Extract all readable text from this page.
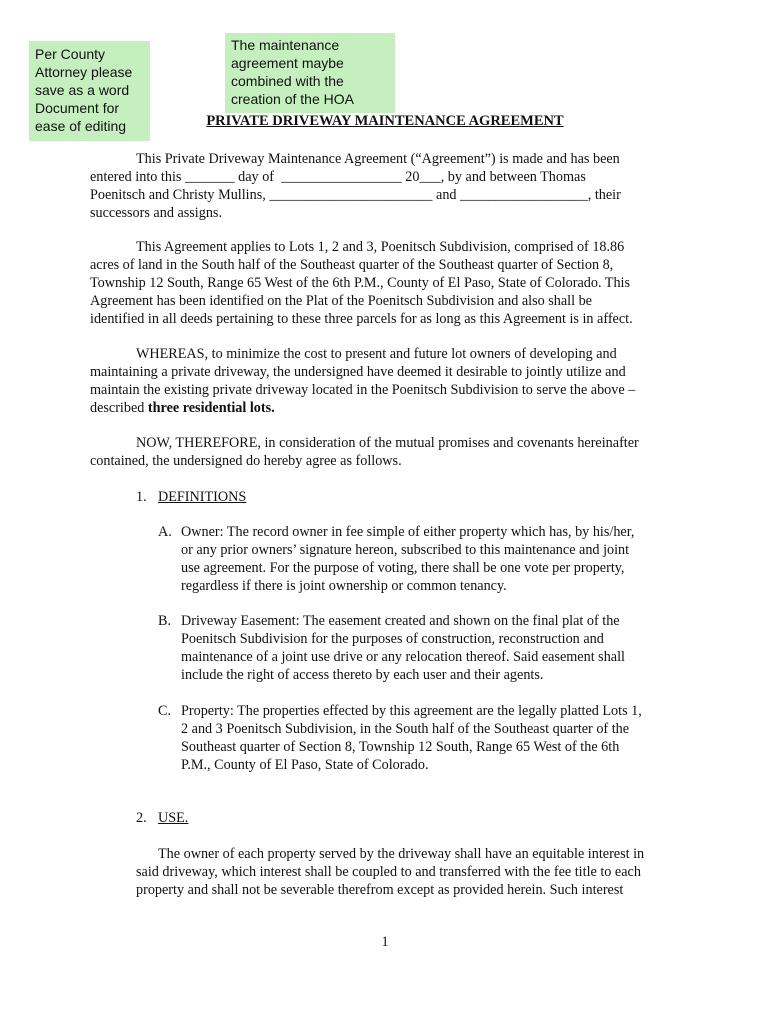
Per County
Attorney please
save as a word
Document for
ease of editing
The maintenance
agreement maybe
combined with the
creation of the HOA

PRIVATE DRIVEWAY MAINTENANCE AGREEMENT

This Private Driveway Maintenance Agreement (“Agreement”) is made and has been

entered into this _______ day of  _________________ 20___, by and between Thomas

Poenitsch and Christy Mullins, _______________________ and __________________, their

successors and assigns.

This Agreement applies to Lots 1, 2 and 3, Poenitsch Subdivision, comprised of 18.86

acres of land in the South half of the Southeast quarter of the Southeast quarter of Section 8,

Township 12 South, Range 65 West of the 6th P.M., County of El Paso, State of Colorado. This

Agreement has been identified on the Plat of the Poenitsch Subdivision and also shall be

identified in all deeds pertaining to these three parcels for as long as this Agreement is in affect.

WHEREAS, to minimize the cost to present and future lot owners of developing and

maintaining a private driveway, the undersigned have deemed it desirable to jointly utilize and

maintain the existing private driveway located in the Poenitsch Subdivision to serve the above –

described three residential lots.

NOW, THEREFORE, in consideration of the mutual promises and covenants hereinafter

contained, the undersigned do hereby agree as follows.

1. DEFINITIONS
A. Owner: The record owner in fee simple of either property which has, by his/her,

or any prior owners’ signature hereon, subscribed to this maintenance and joint

use agreement. For the purpose of voting, there shall be one vote per property,

regardless if there is joint ownership or common tenancy.

B. Driveway Easement: The easement created and shown on the final plat of the

Poenitsch Subdivision for the purposes of construction, reconstruction and

maintenance of a joint use drive or any relocation thereof. Said easement shall

include the right of access thereto by each user and their agents.

C. Property: The properties effected by this agreement are the legally platted Lots 1,

2 and 3 Poenitsch Subdivision, in the South half of the Southeast quarter of the

Southeast quarter of Section 8, Township 12 South, Range 65 West of the 6th

P.M., County of El Paso, State of Colorado.

2. USE.

The owner of each property served by the driveway shall have an equitable interest in

said driveway, which interest shall be coupled to and transferred with the fee title to each

property and shall not be severable therefrom except as provided herein. Such interest

1
